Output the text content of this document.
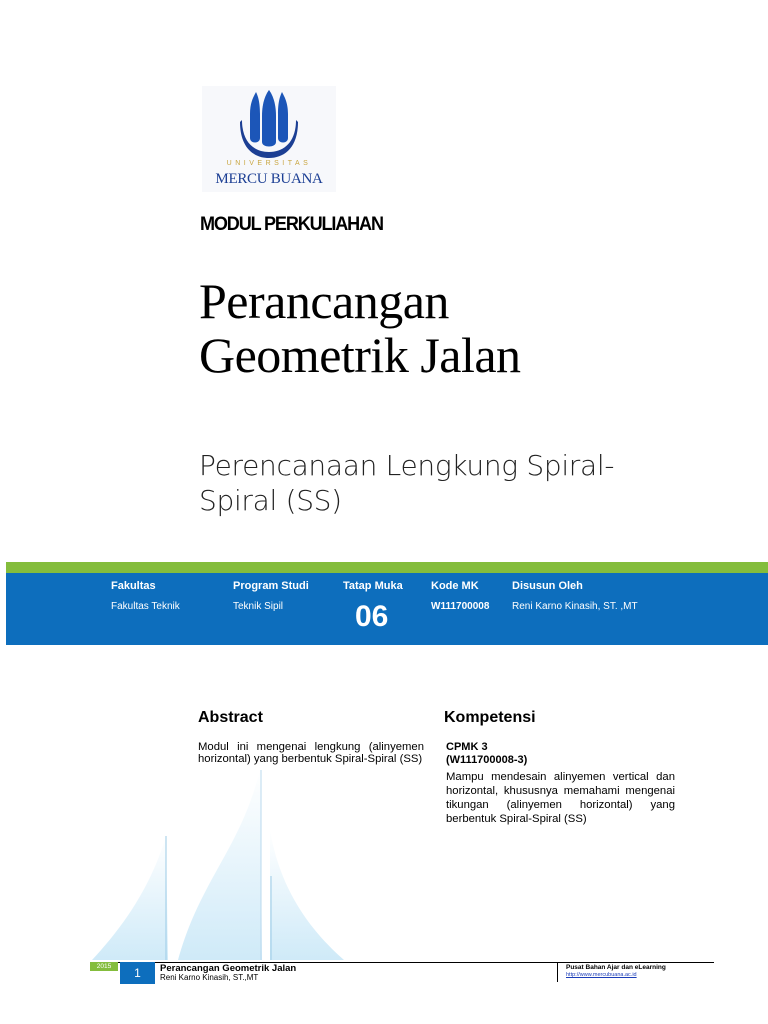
UNIVERSITAS
MERCU BUANA
MODUL PERKULIAHAN
Perancangan
Geometrik Jalan
Perencanaan Lengkung Spiral-
Spiral (SS)
Fakultas
Fakultas Teknik
Program Studi
Teknik Sipil
Tatap Muka
06
Kode MK
W111700008
Disusun Oleh
Reni Karno Kinasih, ST. ,MT
Abstract
Modul ini mengenai lengkung (alinyemen horizontal) yang berbentuk Spiral-Spiral (SS)
Kompetensi
CPMK 3
(W111700008-3)
Mampu mendesain alinyemen vertical dan horizontal, khususnya memahami mengenai tikungan (alinyemen horizontal) yang berbentuk Spiral-Spiral (SS)
2015	1	Perancangan Geometrik Jalan
Reni Karno Kinasih, ST.,MT
Pusat Bahan Ajar dan eLearning
http://www.mercubuana.ac.id
